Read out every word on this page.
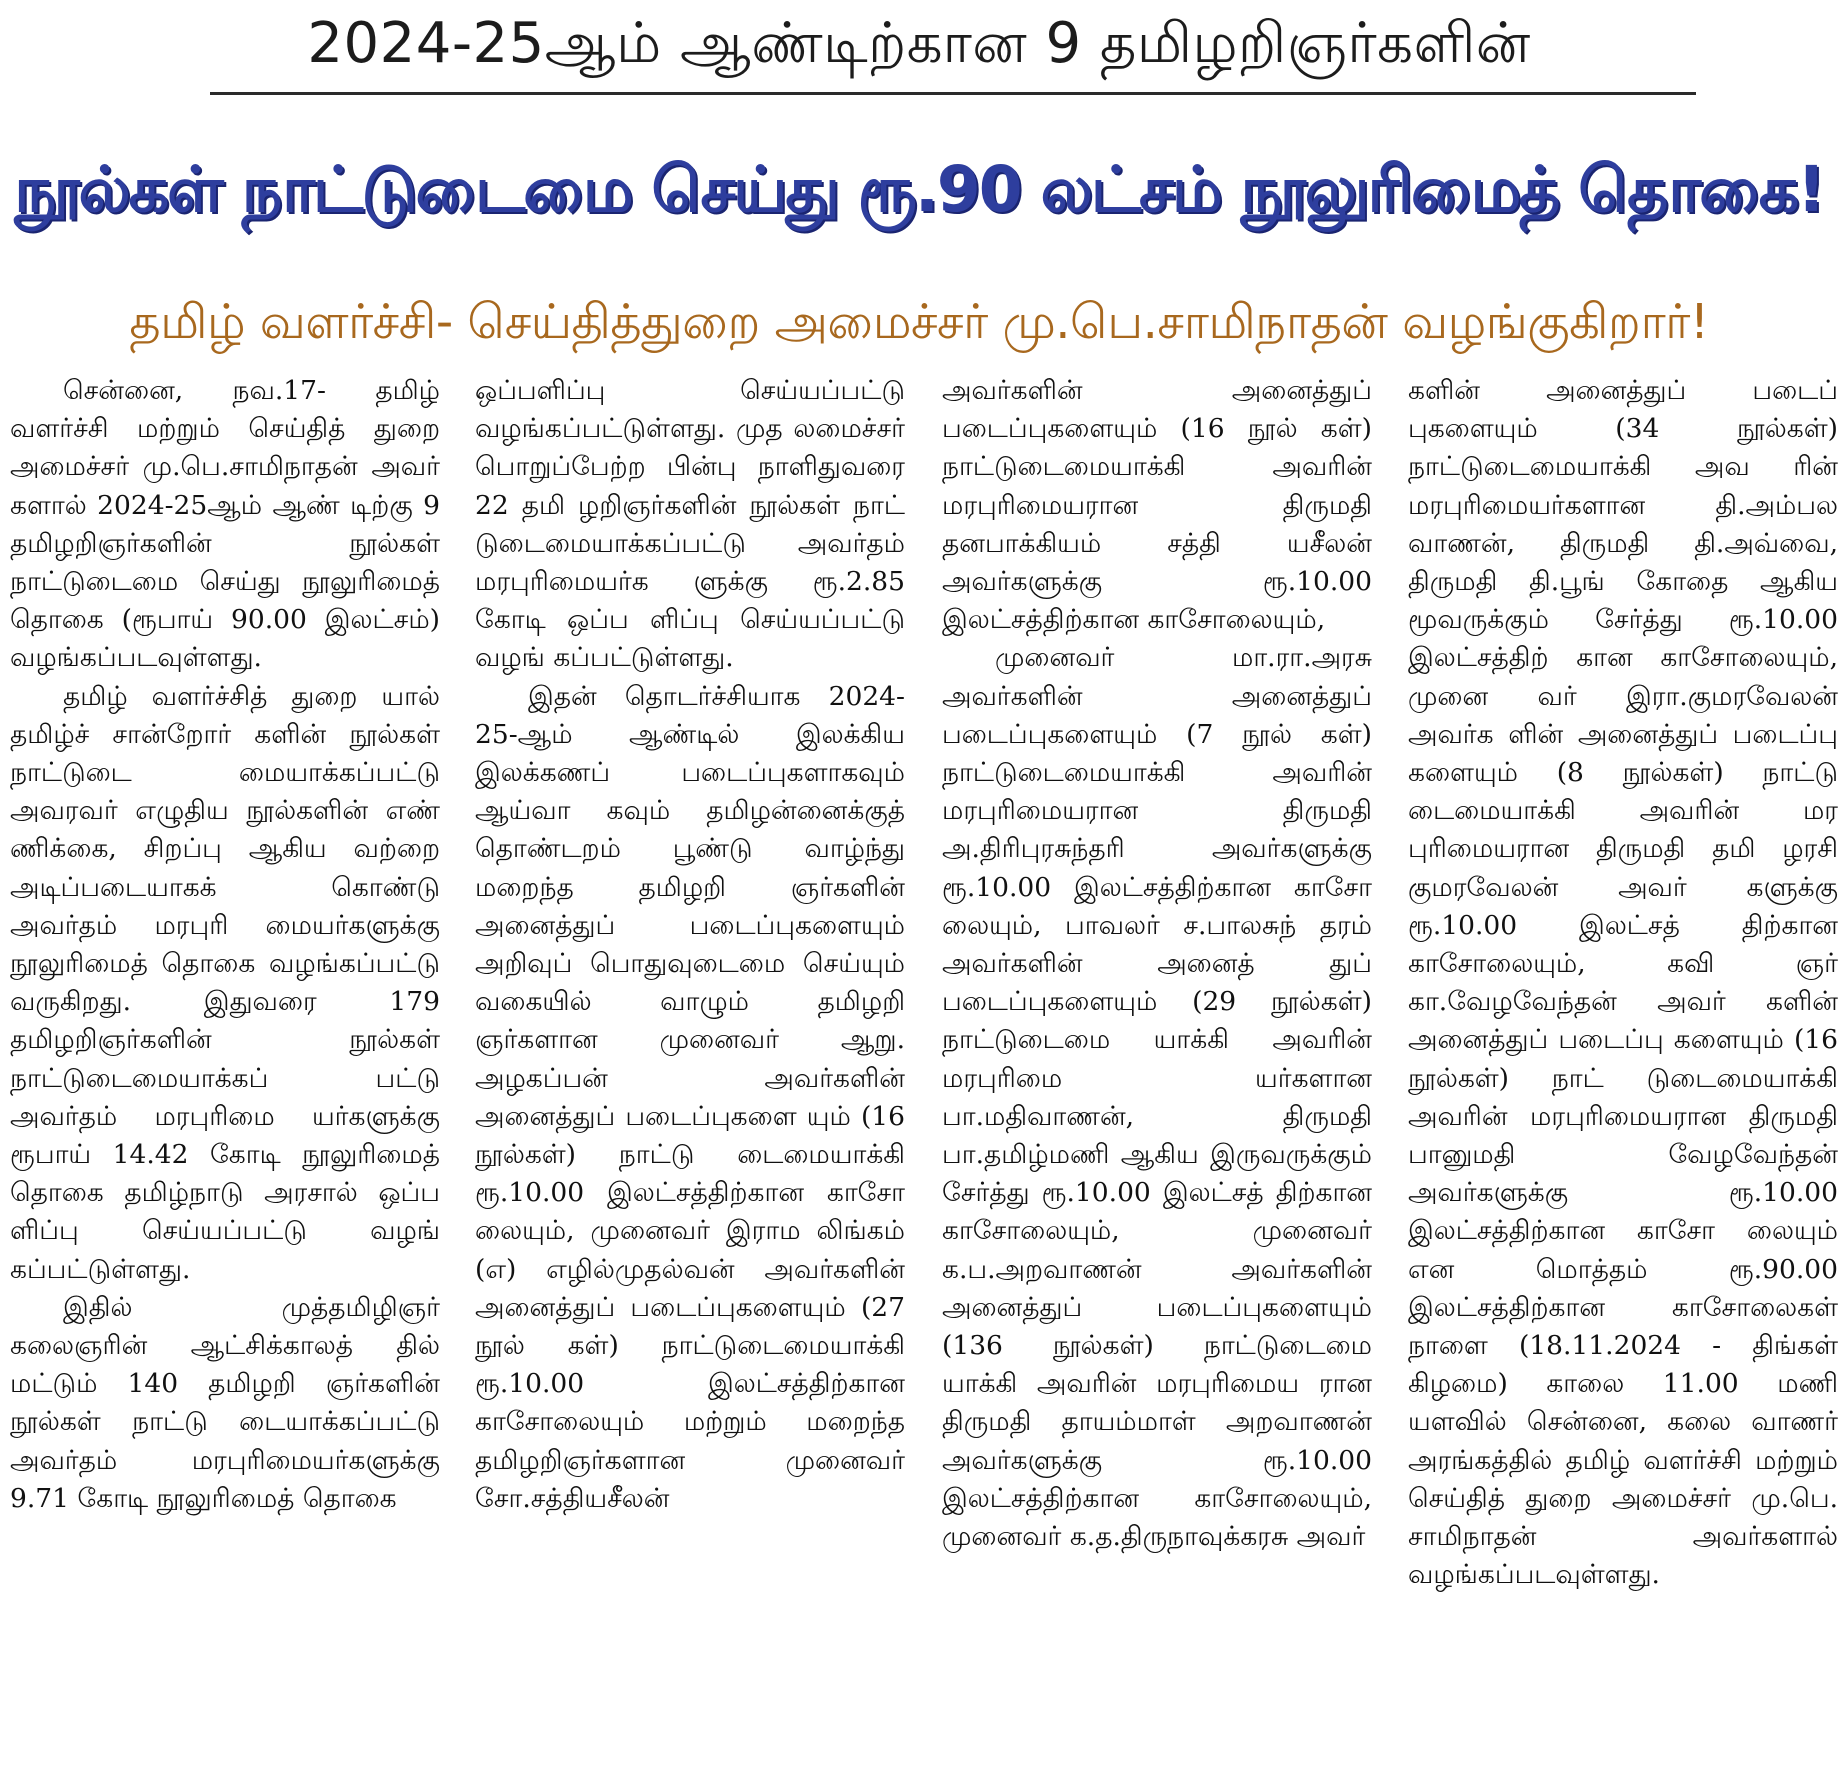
2024-25ஆம் ஆண்டிற்கான 9 தமிழறிஞர்களின்
நூல்கள் நாட்டுடைமை செய்து ரூ.90 லட்சம் நூலுரிமைத் தொகை!
தமிழ் வளர்ச்சி- செய்தித்துறை அமைச்சர் மு.பெ.சாமிநாதன் வழங்குகிறார்!

சென்னை, நவ.17- தமிழ் வளர்ச்சி மற்றும் செய்தித் துறை அமைச்சர் மு.பெ.சாமிநாதன் அவர் களால் 2024-25ஆம் ஆண் டிற்கு 9 தமிழறிஞர்களின் நூல்கள் நாட்டுடைமை செய்து நூலுரிமைத் தொகை (ரூபாய் 90.00 இலட்சம்) வழங்கப்படவுள்ளது.

தமிழ் வளர்ச்சித் துறை யால் தமிழ்ச் சான்றோர் களின் நூல்கள் நாட்டுடை மையாக்கப்பட்டு அவரவர் எழுதிய நூல்களின் எண் ணிக்கை, சிறப்பு ஆகிய வற்றை அடிப்படையாகக் கொண்டு அவர்தம் மரபுரி மையர்களுக்கு நூலுரிமைத் தொகை வழங்கப்பட்டு வருகிறது. இதுவரை 179 தமிழறிஞர்களின் நூல்கள் நாட்டுடைமையாக்கப் பட்டு அவர்தம் மரபுரிமை யர்களுக்கு ரூபாய் 14.42 கோடி நூலுரிமைத் தொகை தமிழ்நாடு அரசால் ஒப்ப ளிப்பு செய்யப்பட்டு வழங் கப்பட்டுள்ளது.

இதில் முத்தமிழிஞர் கலைஞரின் ஆட்சிக்காலத் தில் மட்டும் 140 தமிழறி ஞர்களின் நூல்கள் நாட்டு டையாக்கப்பட்டு அவர்தம் மரபுரிமையர்களுக்கு 9.71 கோடி நூலுரிமைத் தொகை

ஒப்பளிப்பு செய்யப்பட்டு வழங்கப்பட்டுள்ளது. முத லமைச்சர் பொறுப்பேற்ற பின்பு நாளிதுவரை 22 தமி ழறிஞர்களின் நூல்கள் நாட் டுடைமையாக்கப்பட்டு அவர்தம் மரபுரிமையர்க ளுக்கு ரூ.2.85 கோடி ஒப்ப ளிப்பு செய்யப்பட்டு வழங் கப்பட்டுள்ளது.

இதன் தொடர்ச்சியாக 2024-25-ஆம் ஆண்டில் இலக்கிய இலக்கணப் படைப்புகளாகவும் ஆய்வா கவும் தமிழன்னைக்குத் தொண்டறம் பூண்டு வாழ்ந்து மறைந்த தமிழறி ஞர்களின் அனைத்துப் படைப்புகளையும் அறிவுப் பொதுவுடைமை செய்யும் வகையில் வாழும் தமிழறி ஞர்களான முனைவர் ஆறு. அழகப்பன் அவர்களின் அனைத்துப் படைப்புகளை யும் (16 நூல்கள்) நாட்டு டைமையாக்கி ரூ.10.00 இலட்சத்திற்கான காசோ லையும், முனைவர் இராம லிங்கம் (எ) எழில்முதல்வன் அவர்களின் அனைத்துப் படைப்புகளையும் (27 நூல் கள்) நாட்டுடைமையாக்கி ரூ.10.00 இலட்சத்திற்கான காசோலையும் மற்றும் மறைந்த தமிழறிஞர்களான முனைவர் சோ.சத்தியசீலன்

அவர்களின் அனைத்துப் படைப்புகளையும் (16 நூல் கள்) நாட்டுடைமையாக்கி அவரின் மரபுரிமையரான திருமதி தனபாக்கியம் சத்தி யசீலன் அவர்களுக்கு ரூ.10.00 இலட்சத்திற்கான காசோலையும்,

முனைவர் மா.ரா.அரசு அவர்களின் அனைத்துப் படைப்புகளையும் (7 நூல் கள்) நாட்டுடைமையாக்கி அவரின் மரபுரிமையரான திருமதி அ.திரிபுரசுந்தரி அவர்களுக்கு ரூ.10.00 இலட்சத்திற்கான காசோ லையும், பாவலர் ச.பாலசுந் தரம் அவர்களின் அனைத் துப் படைப்புகளையும் (29 நூல்கள்) நாட்டுடைமை யாக்கி அவரின் மரபுரிமை யர்களான பா.மதிவாணன், திருமதி பா.தமிழ்மணி ஆகிய இருவருக்கும் சேர்த்து ரூ.10.00 இலட்சத் திற்கான காசோலையும், முனைவர் க.ப.அறவாணன் அவர்களின் அனைத்துப் படைப்புகளையும் (136 நூல்கள்) நாட்டுடைமை யாக்கி அவரின் மரபுரிமைய ரான திருமதி தாயம்மாள் அறவாணன் அவர்களுக்கு ரூ.10.00 இலட்சத்திற்கான காசோலையும், முனைவர் க.த.திருநாவுக்கரசு அவர்

களின் அனைத்துப் படைப் புகளையும் (34 நூல்கள்) நாட்டுடைமையாக்கி அவ ரின் மரபுரிமையர்களான தி.அம்பல வாணன், திருமதி தி.அவ்வை, திருமதி தி.பூங் கோதை ஆகிய மூவருக்கும் சேர்த்து ரூ.10.00 இலட்சத்திற் கான காசோலையும், முனை வர் இரா.குமரவேலன் அவர்க ளின் அனைத்துப் படைப்பு களையும் (8 நூல்கள்) நாட்டு டைமையாக்கி அவரின் மர புரிமையரான திருமதி தமி ழரசி குமரவேலன் அவர் களுக்கு ரூ.10.00 இலட்சத் திற்கான காசோலையும், கவி ஞர் கா.வேழவேந்தன் அவர் களின் அனைத்துப் படைப்பு களையும் (16 நூல்கள்) நாட் டுடைமையாக்கி அவரின் மரபுரிமையரான திருமதி பானுமதி வேழவேந்தன் அவர்களுக்கு ரூ.10.00 இலட்சத்திற்கான காசோ லையும் என மொத்தம் ரூ.90.00 இலட்சத்திற்கான காசோலைகள் நாளை (18.11.2024 - திங்கள் கிழமை) காலை 11.00 மணி யளவில் சென்னை, கலை வாணர் அரங்கத்தில் தமிழ் வளர்ச்சி மற்றும் செய்தித் துறை அமைச்சர் மு.பெ. சாமிநாதன் அவர்களால் வழங்கப்படவுள்ளது.
